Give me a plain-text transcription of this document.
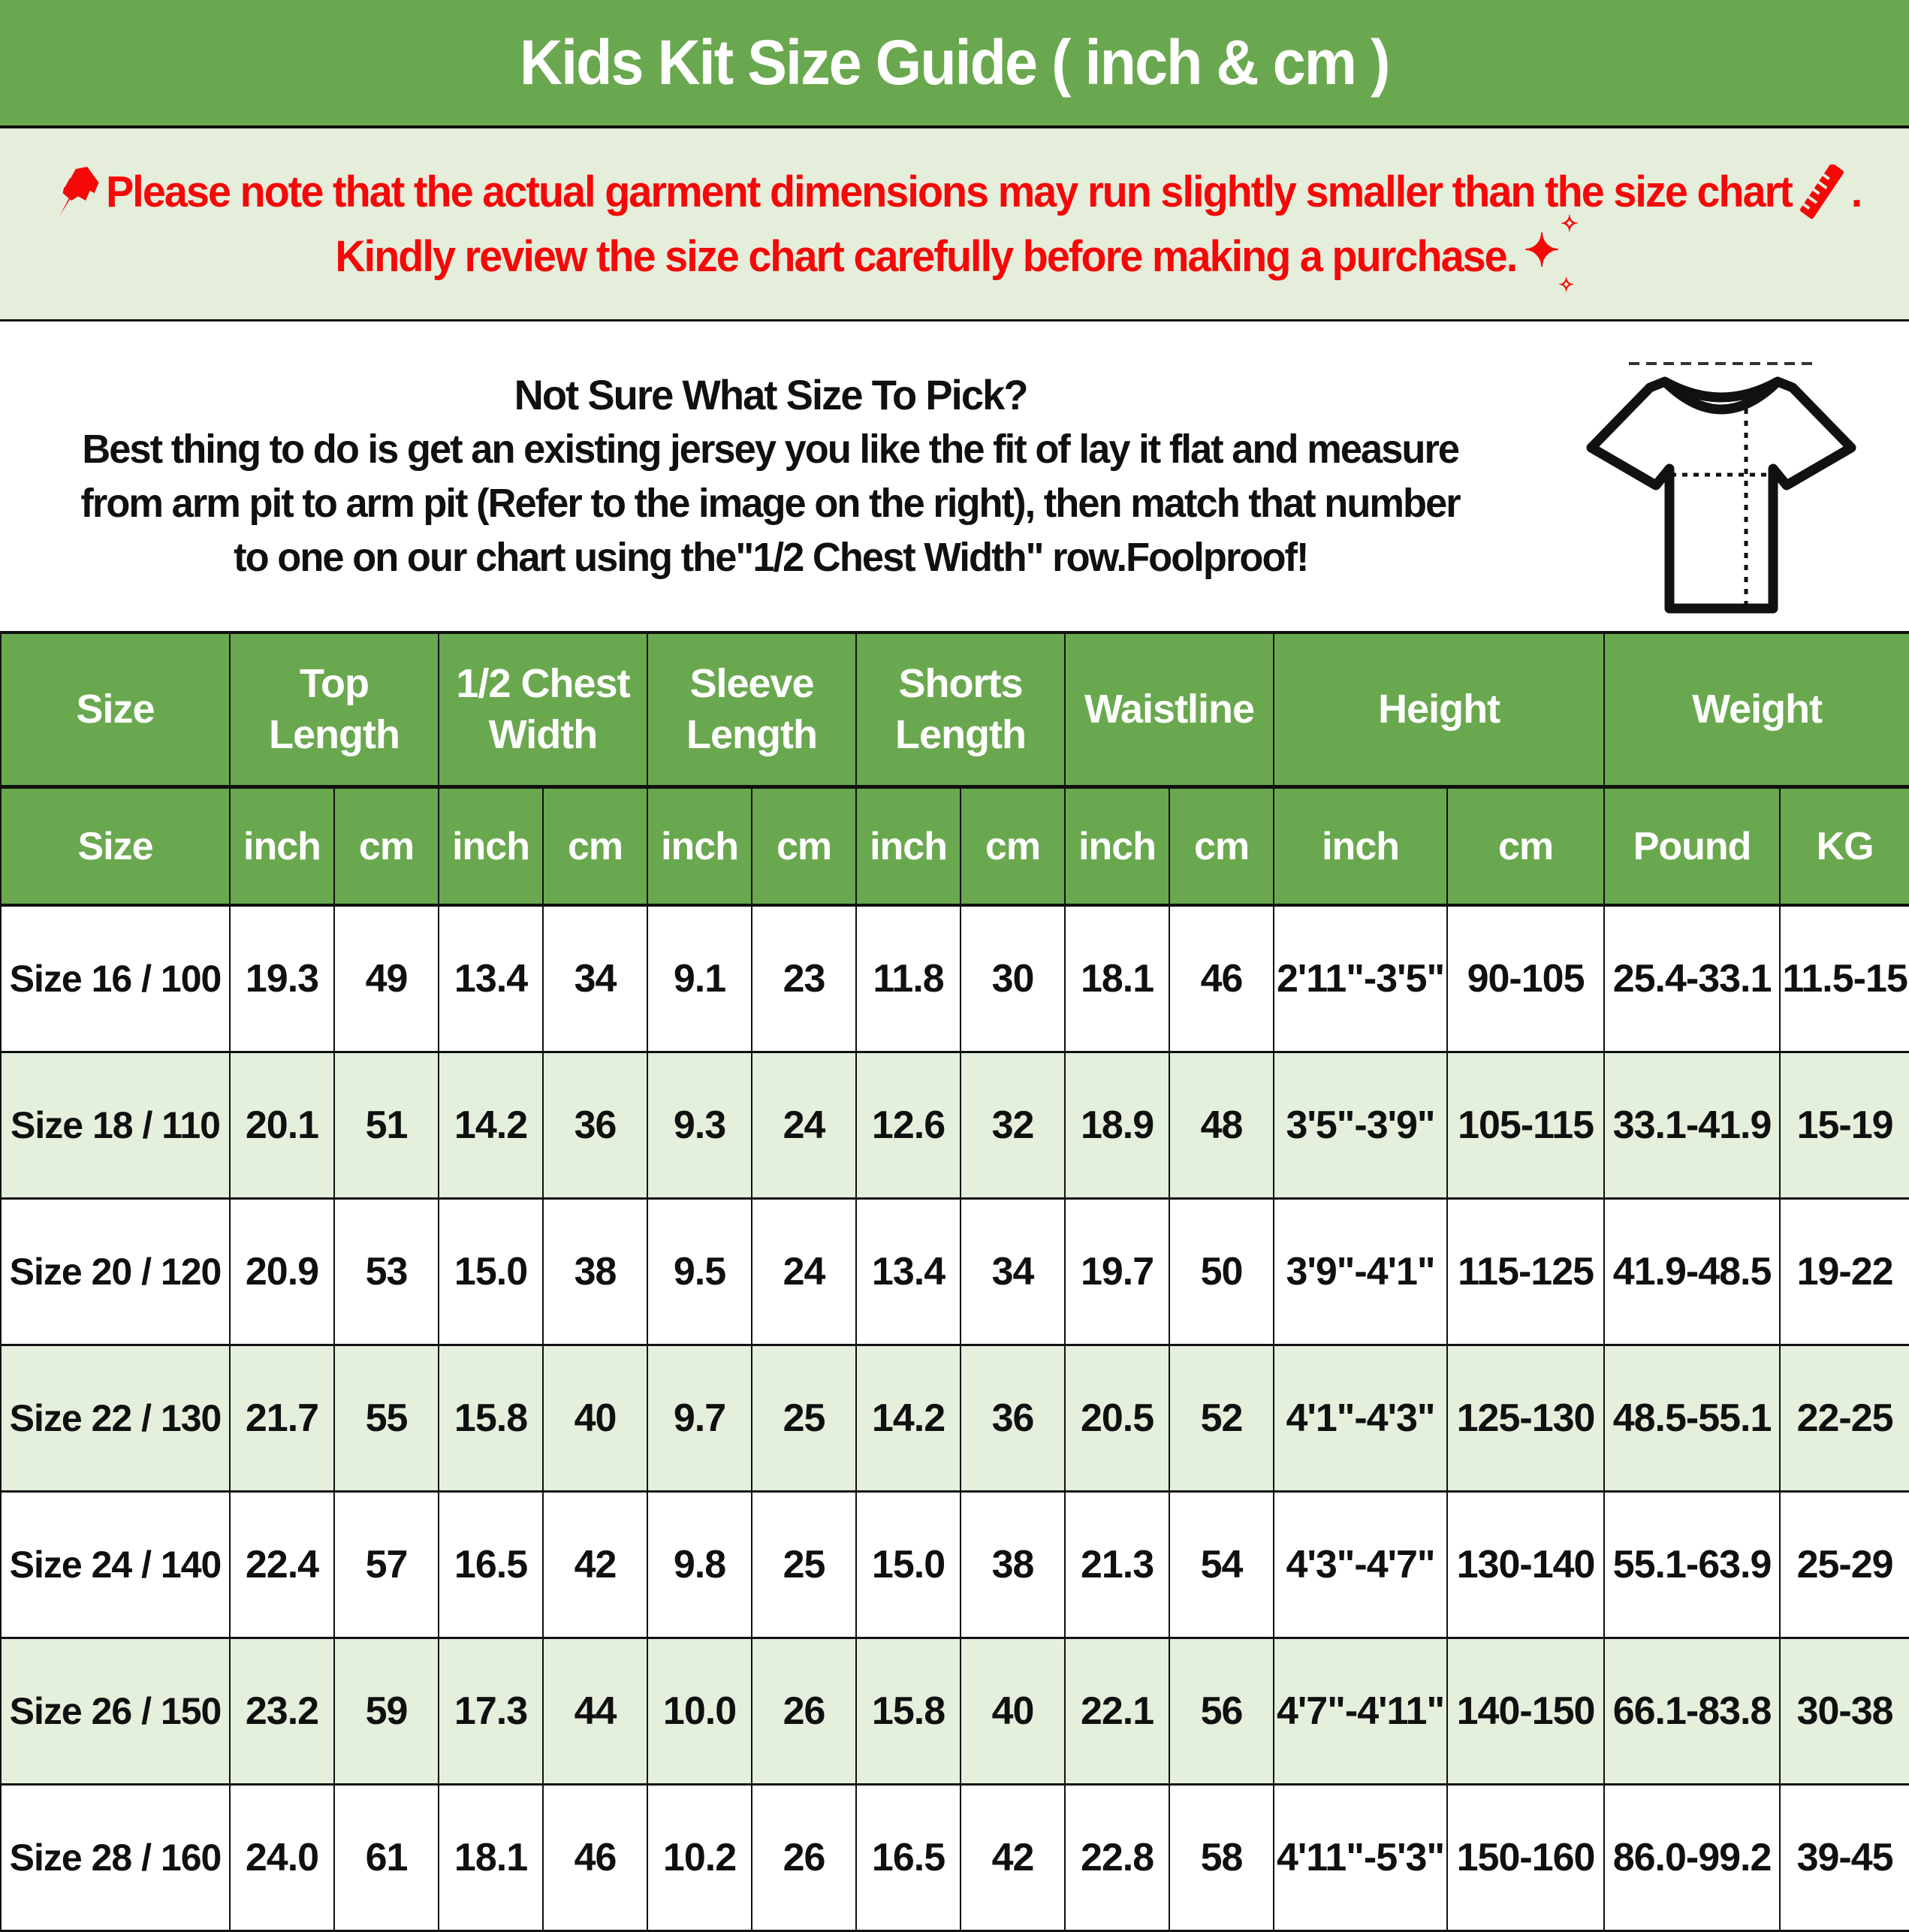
Kids Kit Size Guide ( inch & cm )
Please note that the actual garment dimensions may run slightly smaller than the size chart .
Kindly review the size chart carefully before making a purchase. ✦
✧
✧
Not Sure What Size To Pick?
Best thing to do is get an existing jersey you like the fit of lay it flat and measure
from arm pit to arm pit (Refer to the image on the right), then match that number
to one on our chart using the"1/2 Chest Width" row.Foolproof!
Size	Top Length		1/2 Chest Width		Sleeve Length		Shorts Length		Waistline		Height		Weight	
Size	inch	cm	inch	cm	inch	cm	inch	cm	inch	cm	inch	cm	Pound	KG
Size 16 / 100	19.3	49	13.4	34	9.1	23	11.8	30	18.1	46	2'11"-3'5"	90-105	25.4-33.1	11.5-15
Size 18 / 110	20.1	51	14.2	36	9.3	24	12.6	32	18.9	48	3'5"-3'9"	105-115	33.1-41.9	15-19
Size 20 / 120	20.9	53	15.0	38	9.5	24	13.4	34	19.7	50	3'9"-4'1"	115-125	41.9-48.5	19-22
Size 22 / 130	21.7	55	15.8	40	9.7	25	14.2	36	20.5	52	4'1"-4'3"	125-130	48.5-55.1	22-25
Size 24 / 140	22.4	57	16.5	42	9.8	25	15.0	38	21.3	54	4'3"-4'7"	130-140	55.1-63.9	25-29
Size 26 / 150	23.2	59	17.3	44	10.0	26	15.8	40	22.1	56	4'7"-4'11"	140-150	66.1-83.8	30-38
Size 28 / 160	24.0	61	18.1	46	10.2	26	16.5	42	22.8	58	4'11"-5'3"	150-160	86.0-99.2	39-45
